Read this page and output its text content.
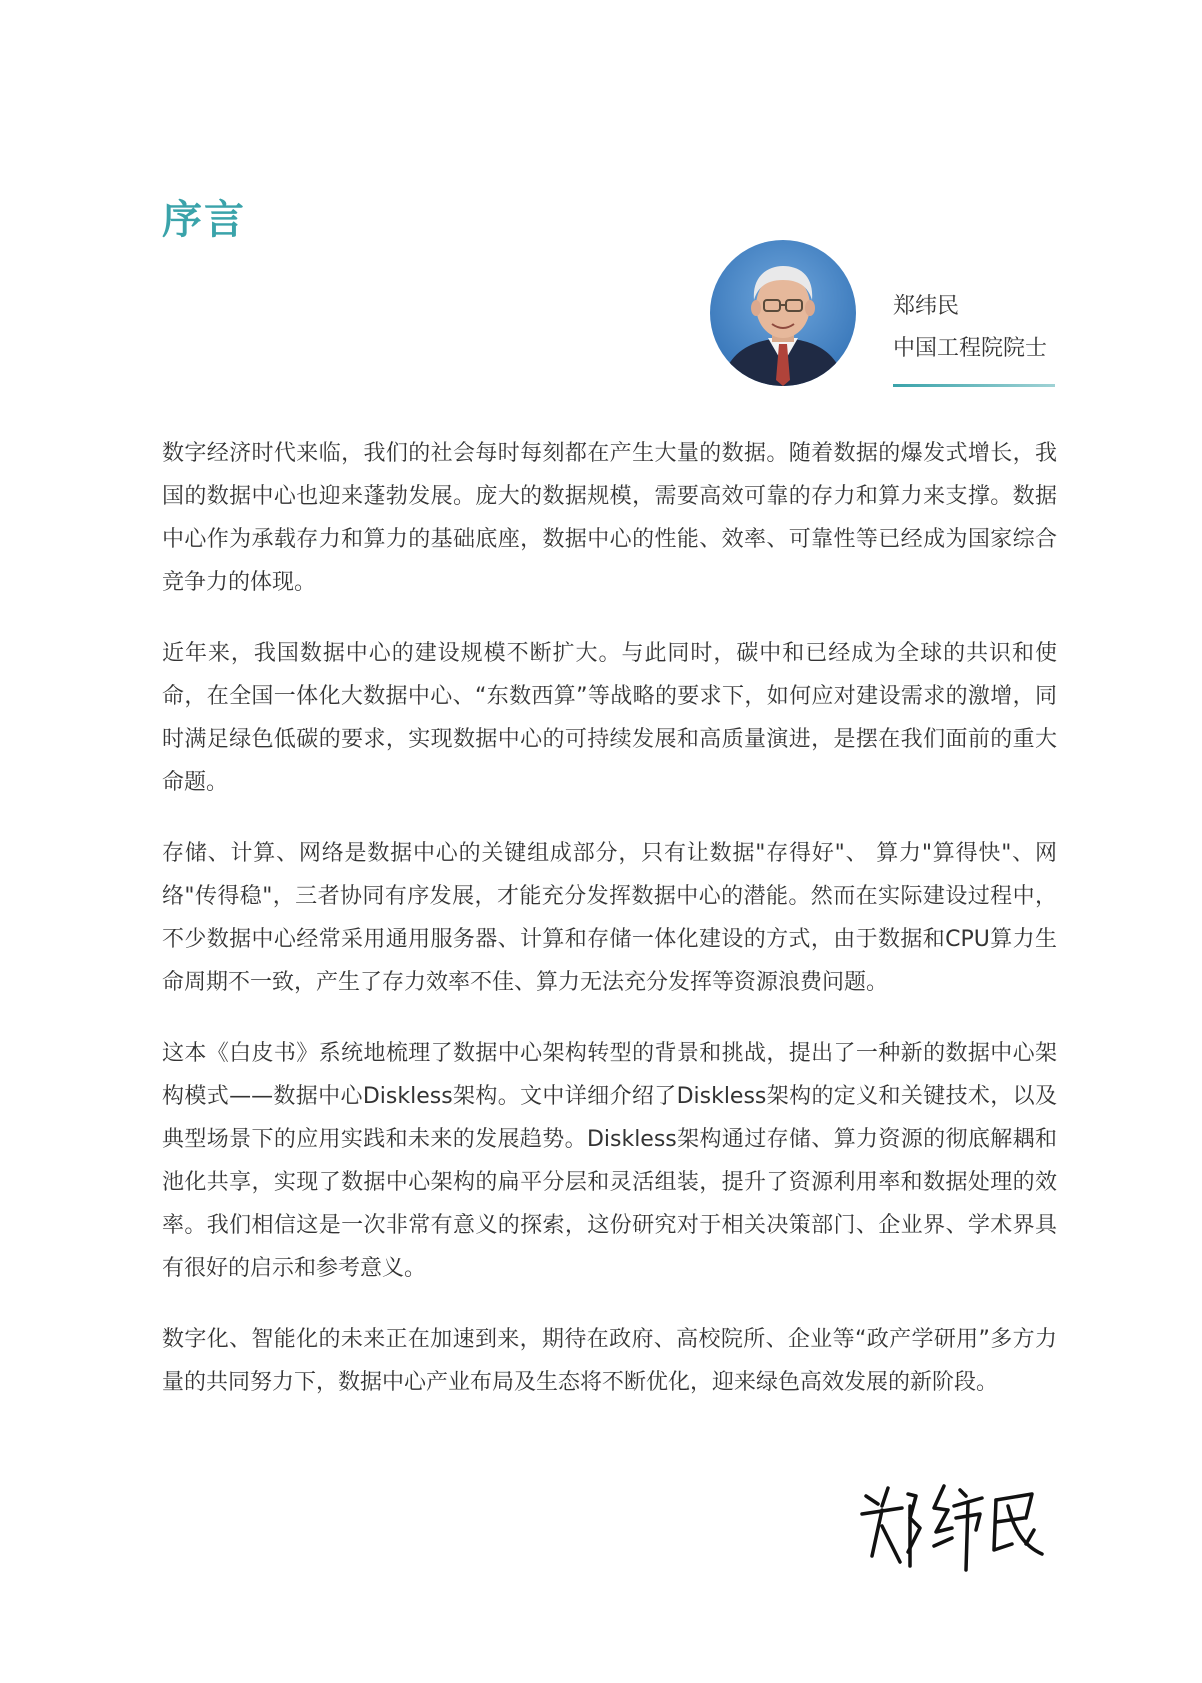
序言
郑纬民
中国工程院院士

数字经济时代来临，我们的社会每时每刻都在产生大量的数据。随着数据的爆发式增长，我国的数据中心也迎来蓬勃发展。庞大的数据规模，需要高效可靠的存力和算力来支撑。数据中心作为承载存力和算力的基础底座，数据中心的性能、效率、可靠性等已经成为国家综合竞争力的体现。

近年来，我国数据中心的建设规模不断扩大。与此同时，碳中和已经成为全球的共识和使命，在全国一体化大数据中心、“东数西算”等战略的要求下，如何应对建设需求的激增，同时满足绿色低碳的要求，实现数据中心的可持续发展和高质量演进，是摆在我们面前的重大命题。

存储、计算、网络是数据中心的关键组成部分，只有让数据"存得好"、 算力"算得快"、网络"传得稳"，三者协同有序发展，才能充分发挥数据中心的潜能。然而在实际建设过程中，不少数据中心经常采用通用服务器、计算和存储一体化建设的方式，由于数据和CPU算力生命周期不一致，产生了存力效率不佳、算力无法充分发挥等资源浪费问题。

这本《白皮书》系统地梳理了数据中心架构转型的背景和挑战，提出了一种新的数据中心架构模式——数据中心Diskless架构。文中详细介绍了Diskless架构的定义和关键技术，以及典型场景下的应用实践和未来的发展趋势。Diskless架构通过存储、算力资源的彻底解耦和池化共享，实现了数据中心架构的扁平分层和灵活组装，提升了资源利用率和数据处理的效率。我们相信这是一次非常有意义的探索，这份研究对于相关决策部门、企业界、学术界具有很好的启示和参考意义。

数字化、智能化的未来正在加速到来，期待在政府、高校院所、企业等“政产学研用”多方力量的共同努力下，数据中心产业布局及生态将不断优化，迎来绿色高效发展的新阶段。
